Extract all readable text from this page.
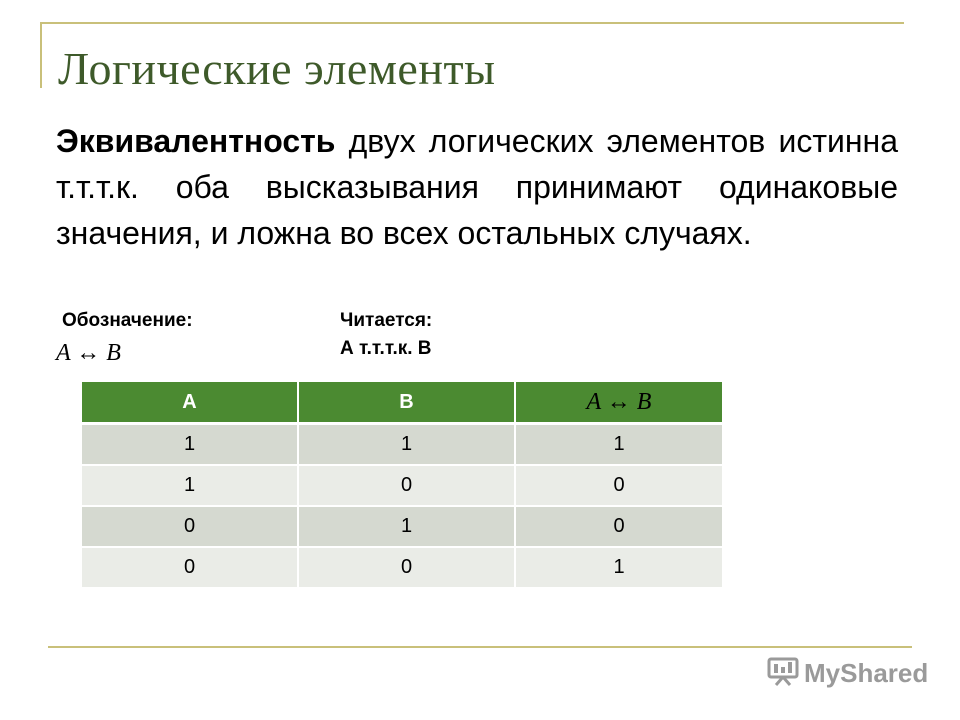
Логические элементы
Эквивалентность двух логических элементов истинна т.т.т.к. оба высказывания принимают одинаковые значения, и ложна во всех остальных случаях.
Обозначение:
A ↔ B
Читается:
А т.т.т.к. В
А	В	A ↔ B
1	1	1
1	0	0
0	1	0
0	0	1
MyShared
